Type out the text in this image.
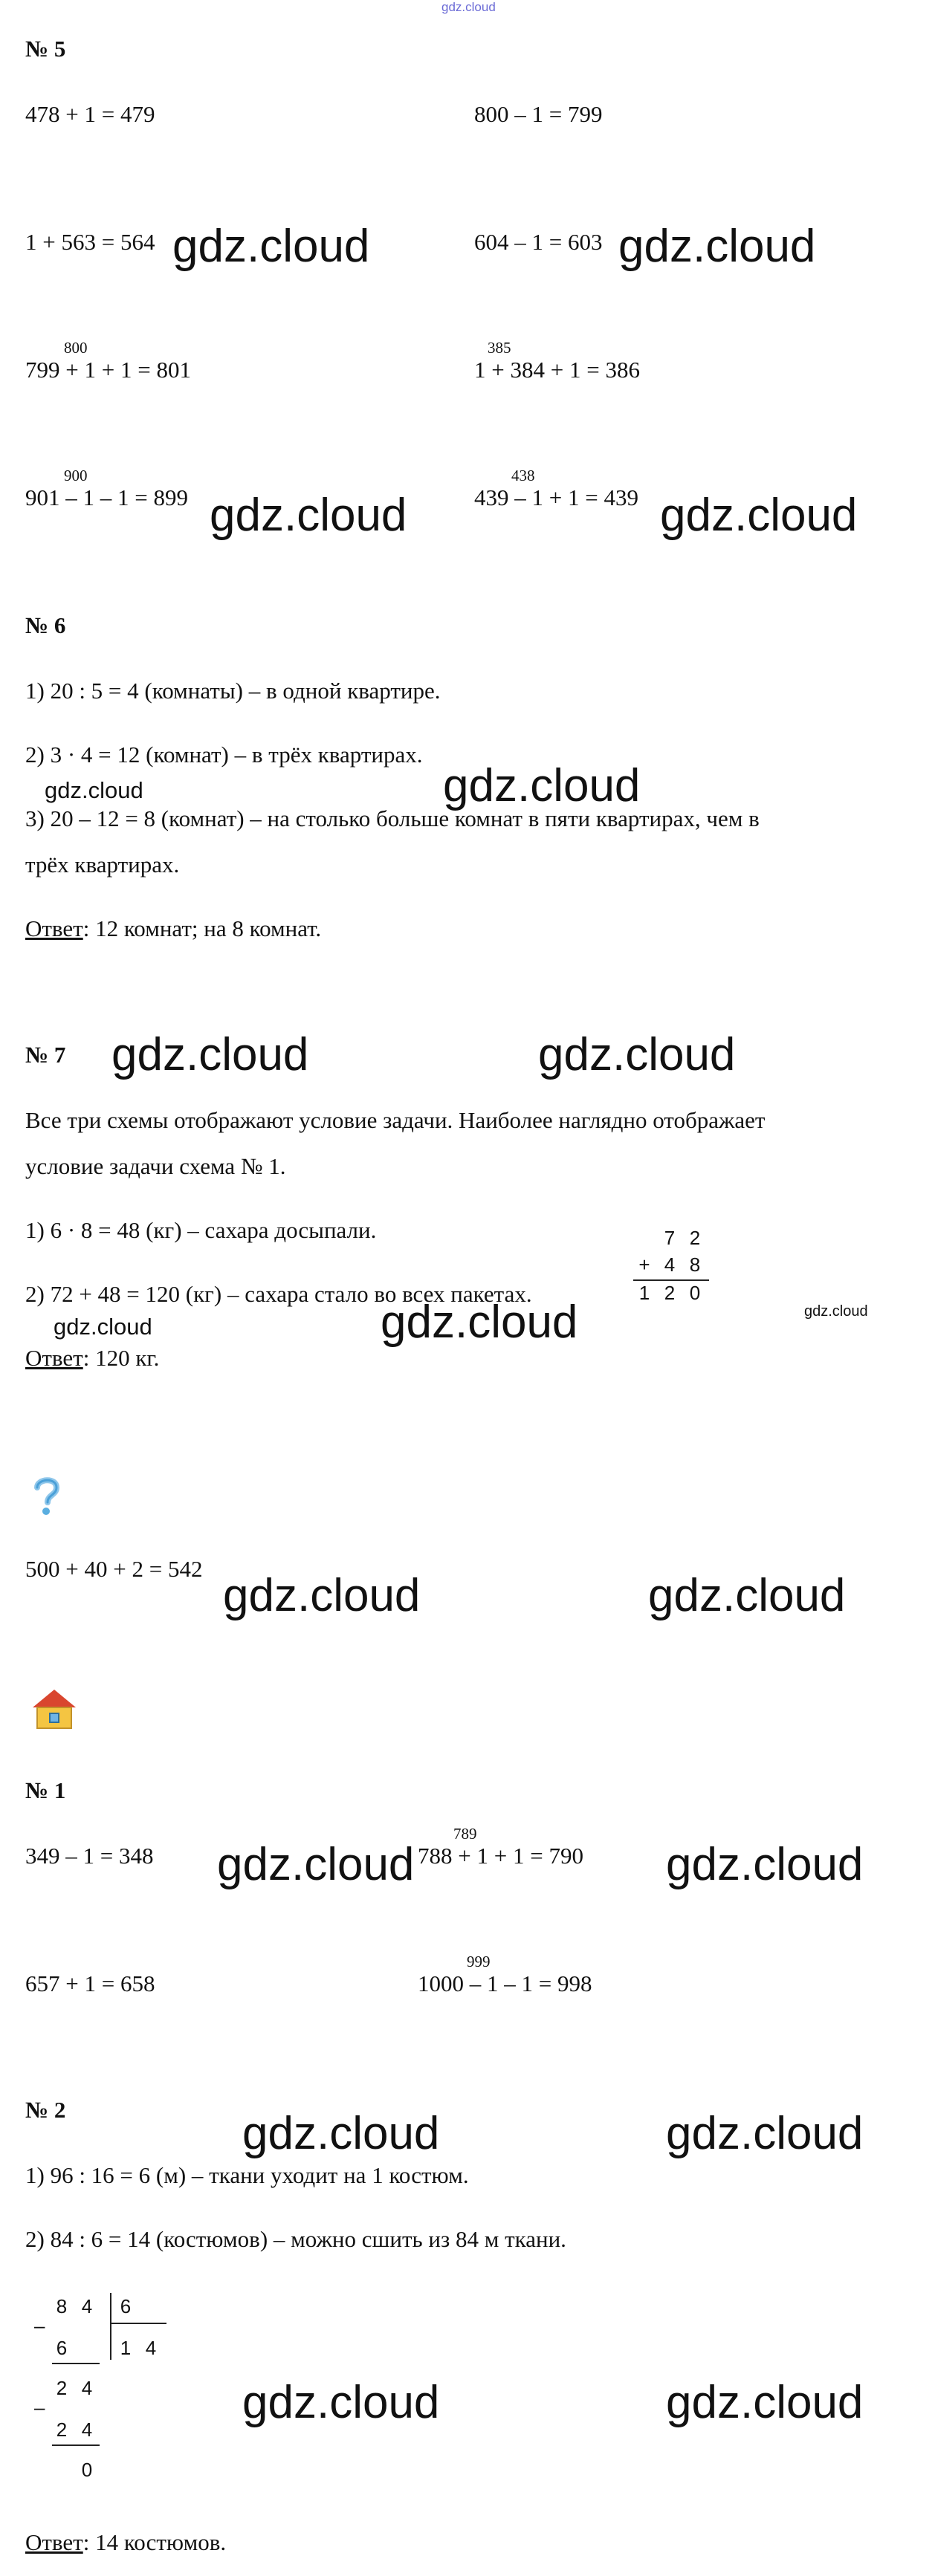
gdz.cloud
№ 5
478 + 1 = 479	800 – 1 = 799
1 + 563 = 564 gdz.cloud	604 – 1 = 603 gdz.cloud
800
799 + 1 + 1 = 801
385
1 + 384 + 1 = 386
900
901 – 1 – 1 = 899 gdz.cloud
438
439 – 1 + 1 = 439 gdz.cloud
№ 6
1) 20 : 5 = 4 (комнаты) – в одной квартире.
2) 3 · 4 = 12 (комнат) – в трёх квартирах.
gdz.cloud	gdz.cloud
3) 20 – 12 = 8 (комнат) – на столько больше комнат в пяти квартирах, чем в
трёх квартирах.
Ответ: 12 комнат; на 8 комнат.
№ 7 gdz.cloud	gdz.cloud
Все три схемы отображают условие задачи. Наиболее наглядно отображает
условие задачи схема № 1.
1) 6 · 8 = 48 (кг) – сахара досыпали.
2) 72 + 48 = 120 (кг) – сахара стало во всех пакетах.
7 2
+ 4 8
1 2 0
gdz.cloud
gdz.cloud	gdz.cloud
Ответ: 120 кг.
500 + 40 + 2 = 542
gdz.cloud	gdz.cloud
№ 1
349 – 1 = 348 gdz.cloud
789
788 + 1 + 1 = 790 gdz.cloud
657 + 1 = 658
999
1000 – 1 – 1 = 998
№ 2	gdz.cloud	gdz.cloud
1) 96 : 16 = 6 (м) – ткани уходит на 1 костюм.
2) 84 : 6 = 14 (костюмов) – можно сшить из 84 м ткани.
8 4	6
–
6	1 4
2 4
–
2 4
0
gdz.cloud	gdz.cloud
Ответ: 14 костюмов.
